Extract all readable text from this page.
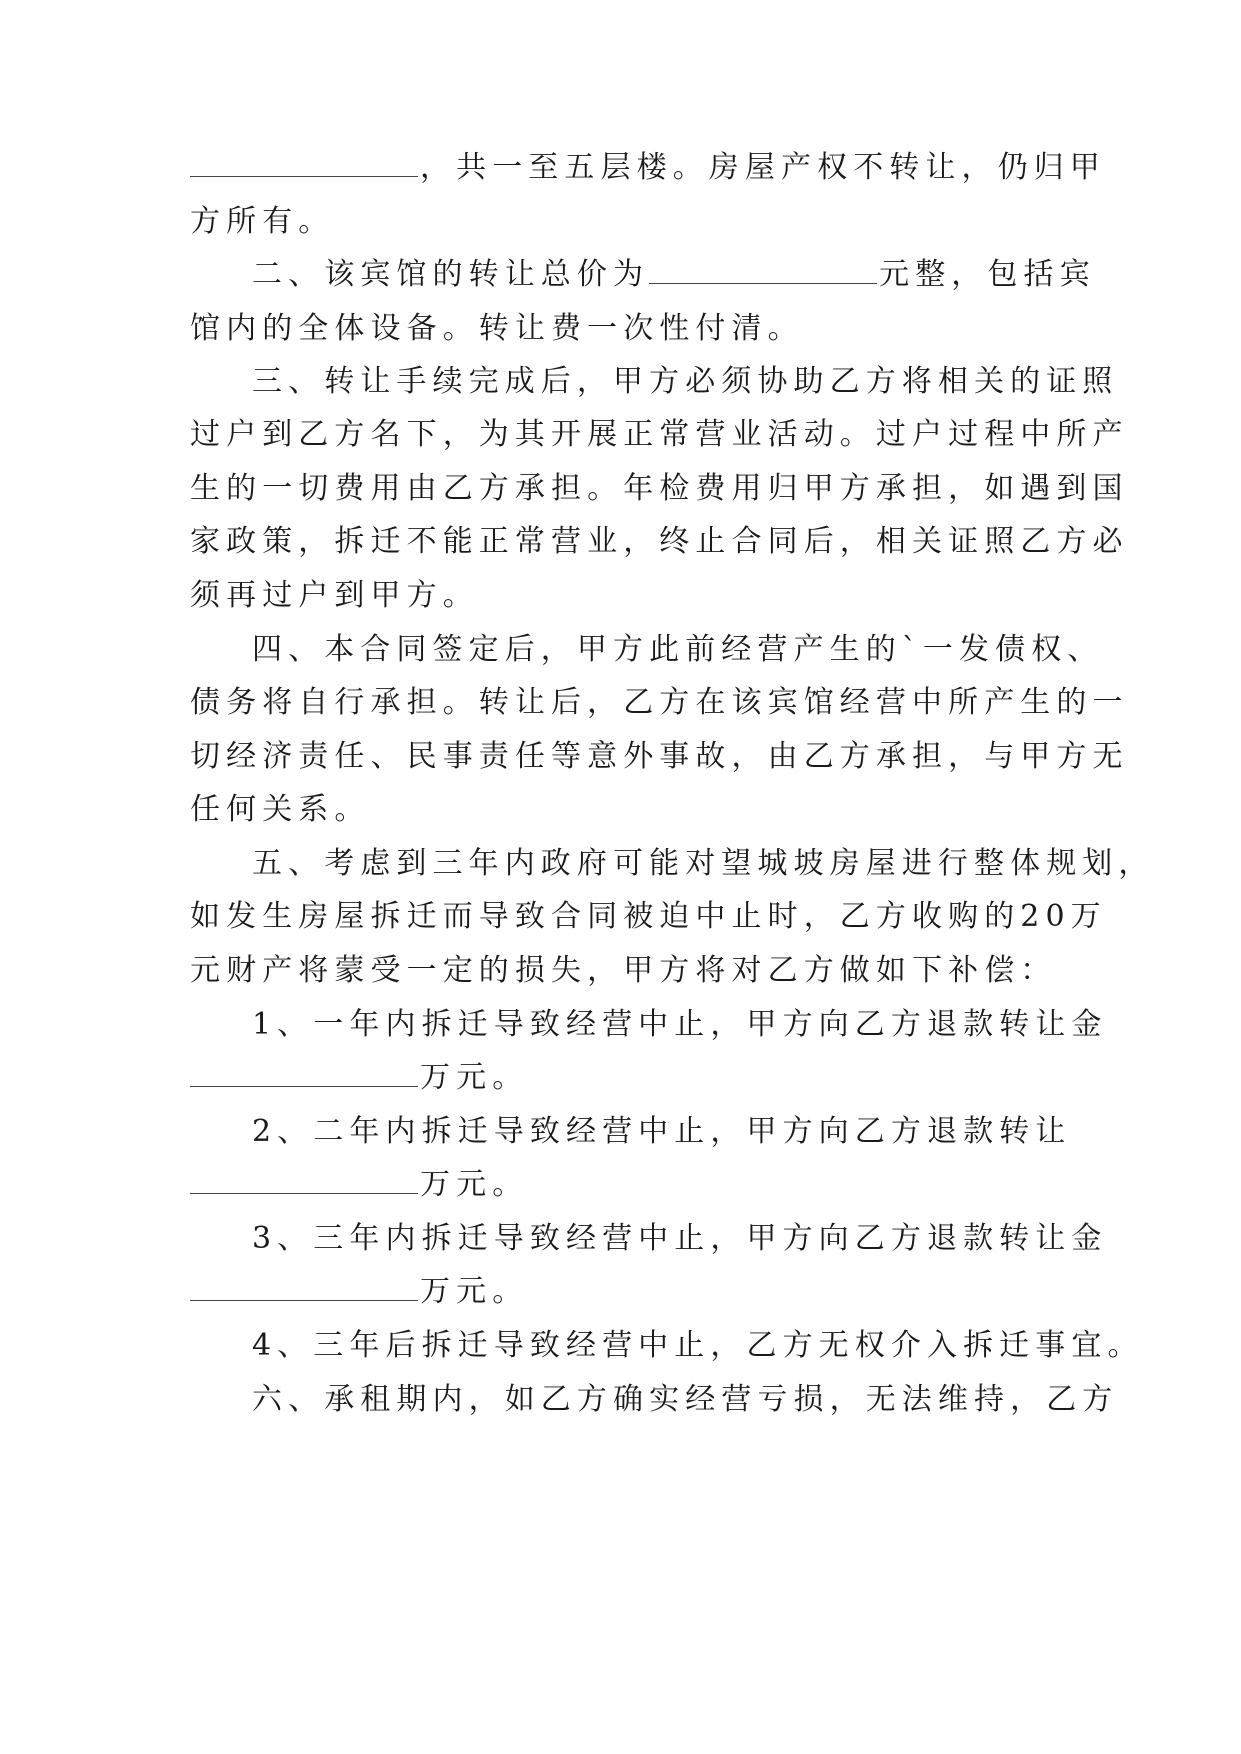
，共一至五层楼。房屋产权不转让，仍归甲
方所有。
二、该宾馆的转让总价为	元整，包括宾
馆内的全体设备。转让费一次性付清。
三、转让手续完成后，甲方必须协助乙方将相关的证照
过户到乙方名下，为其开展正常营业活动。过户过程中所产
生的一切费用由乙方承担。年检费用归甲方承担，如遇到国
家政策，拆迁不能正常营业，终止合同后，相关证照乙方必
须再过户到甲方。
四、本合同签定后，甲方此前经营产生的`一发债权、
债务将自行承担。转让后，乙方在该宾馆经营中所产生的一
切经济责任、民事责任等意外事故，由乙方承担，与甲方无
任何关系。
五、考虑到三年内政府可能对望城坡房屋进行整体规划，
如发生房屋拆迁而导致合同被迫中止时，乙方收购的20万
元财产将蒙受一定的损失，甲方将对乙方做如下补偿：
1、一年内拆迁导致经营中止，甲方向乙方退款转让金
万元。
2、二年内拆迁导致经营中止，甲方向乙方退款转让
万元。
3、三年内拆迁导致经营中止，甲方向乙方退款转让金
万元。
4、三年后拆迁导致经营中止，乙方无权介入拆迁事宜。
六、承租期内，如乙方确实经营亏损，无法维持，乙方
